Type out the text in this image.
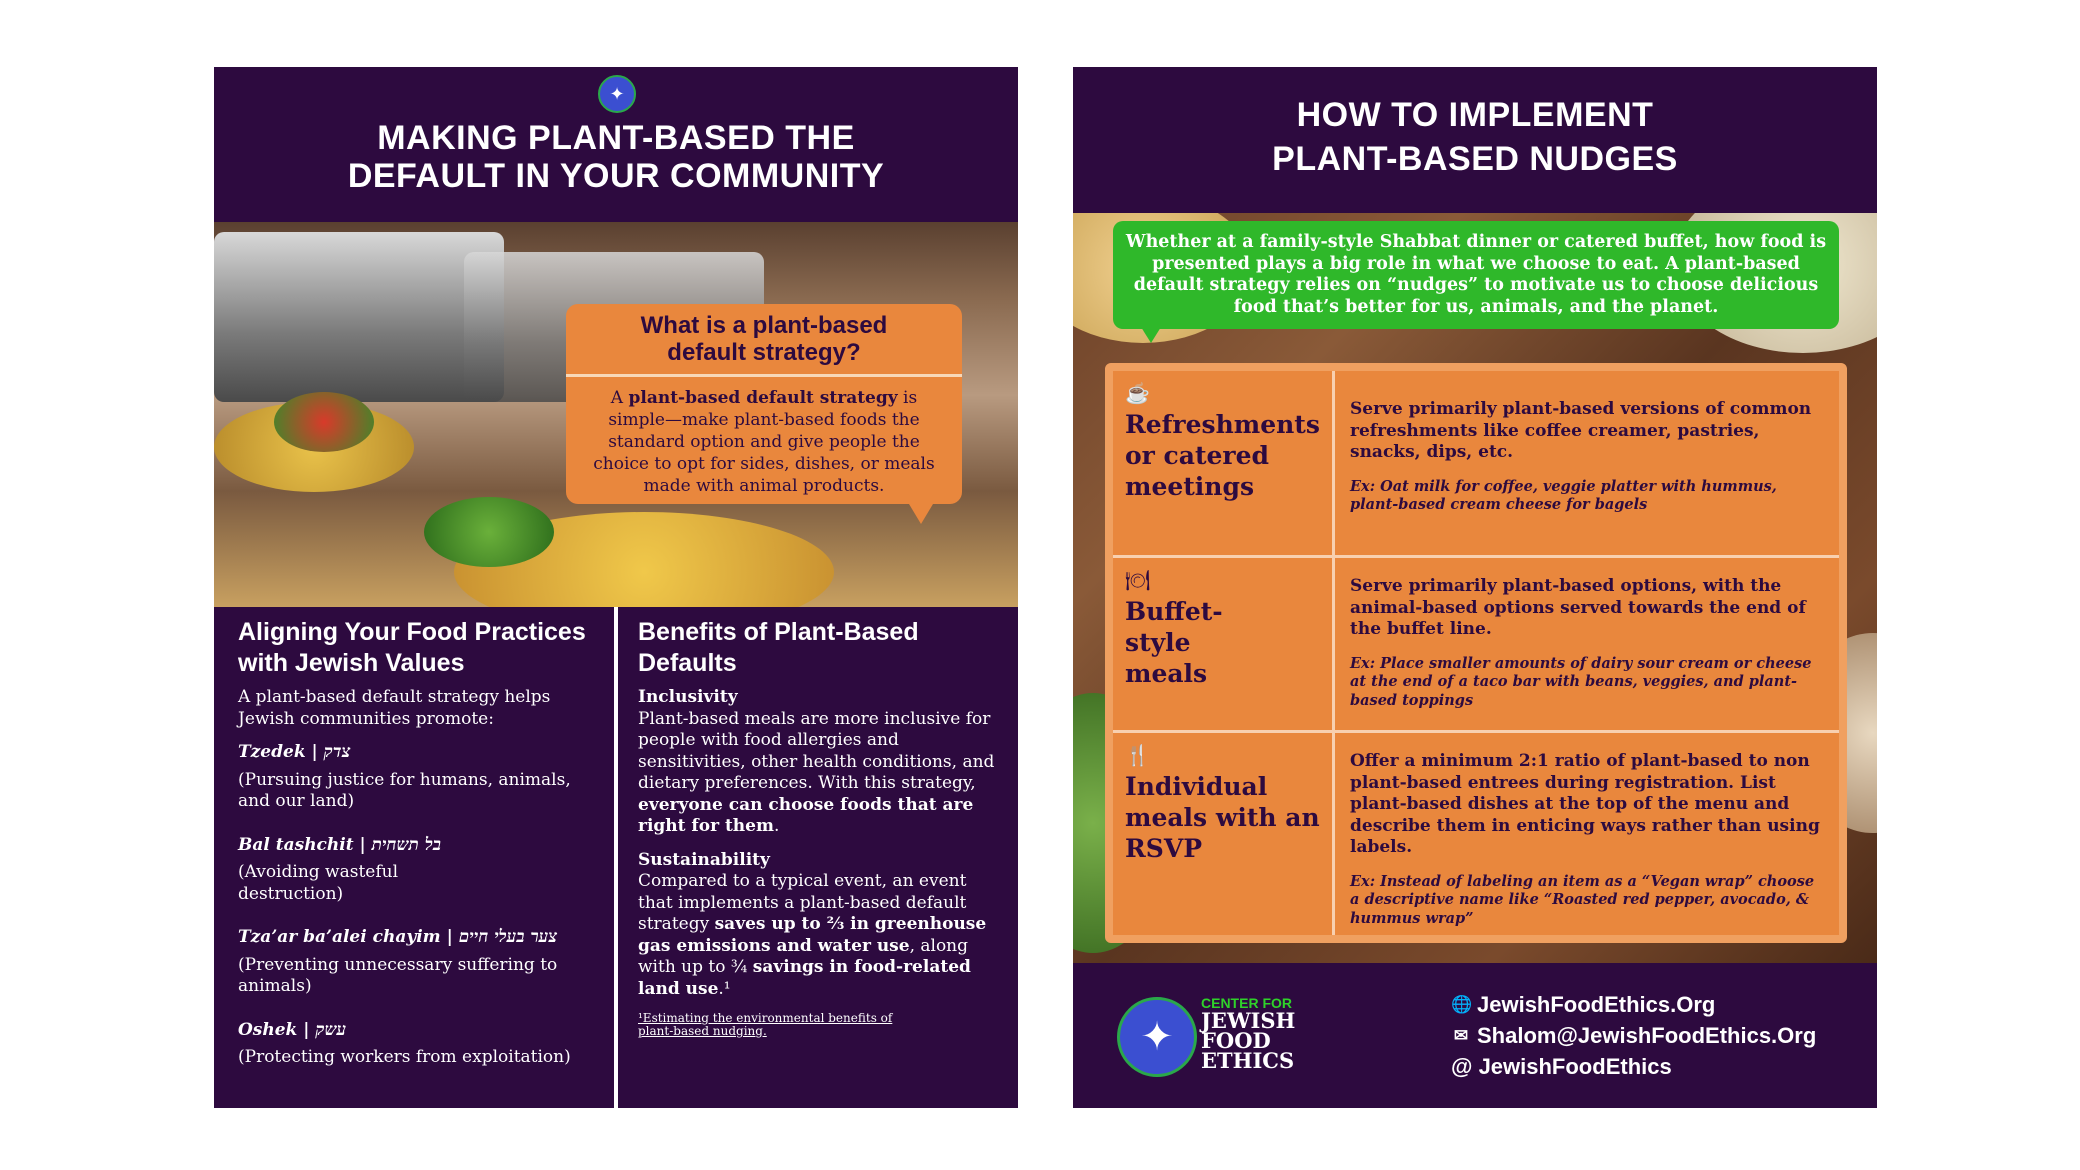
✦
MAKING PLANT-BASED THE
DEFAULT IN YOUR COMMUNITY
What is a plant-based
default strategy?
A plant-based default strategy is simple—make plant-based foods the standard option and give people the choice to opt for sides, dishes, or meals made with animal products.
Aligning Your Food Practices with Jewish Values

A plant-based default strategy helps Jewish communities promote:

Tzedek | צדק

(Pursuing justice for humans, animals, and our land)

Bal tashchit | בל תשחית

(Avoiding wasteful destruction)

Tza’ar ba’alei chayim | צער בעלי חיים

(Preventing unnecessary suffering to animals)

Oshek | עשק

(Protecting workers from exploitation)

Benefits of Plant-Based Defaults

Inclusivity

Plant-based meals are more inclusive for people with food allergies and sensitivities, other health conditions, and dietary preferences. With this strategy, everyone can choose foods that are right for them.

Sustainability

Compared to a typical event, an event that implements a plant-based default strategy saves up to ⅔ in greenhouse gas emissions and water use, along with up to ¾ savings in food-related land use.¹

¹Estimating the environmental benefits of plant-based nudging.

HOW TO IMPLEMENT
PLANT-BASED NUDGES
Whether at a family-style Shabbat dinner or catered buffet, how food is presented plays a big role in what we choose to eat. A plant-based default strategy relies on “nudges” to motivate us to choose delicious food that’s better for us, animals, and the planet.
☕
Refreshments or catered meetings

Serve primarily plant-based versions of common refreshments like coffee creamer, pastries, snacks, dips, etc.

Ex: Oat milk for coffee, veggie platter with hummus, plant-based cream cheese for bagels

🍽
Buffet-style meals

Serve primarily plant-based options, with the animal-based options served towards the end of the buffet line.

Ex: Place smaller amounts of dairy sour cream or cheese at the end of a taco bar with beans, veggies, and plant-based toppings

🍴
Individual meals with an RSVP

Offer a minimum 2:1 ratio of plant-based to non plant-based entrees during registration. List plant-based dishes at the top of the menu and describe them in enticing ways rather than using labels.

Ex: Instead of labeling an item as a “Vegan wrap” choose a descriptive name like “Roasted red pepper, avocado, & hummus wrap”

✦
CENTER FOR
JEWISH
FOOD
ETHICS
🌐 JewishFoodEthics.Org
✉ Shalom@JewishFoodEthics.Org
@ JewishFoodEthics
